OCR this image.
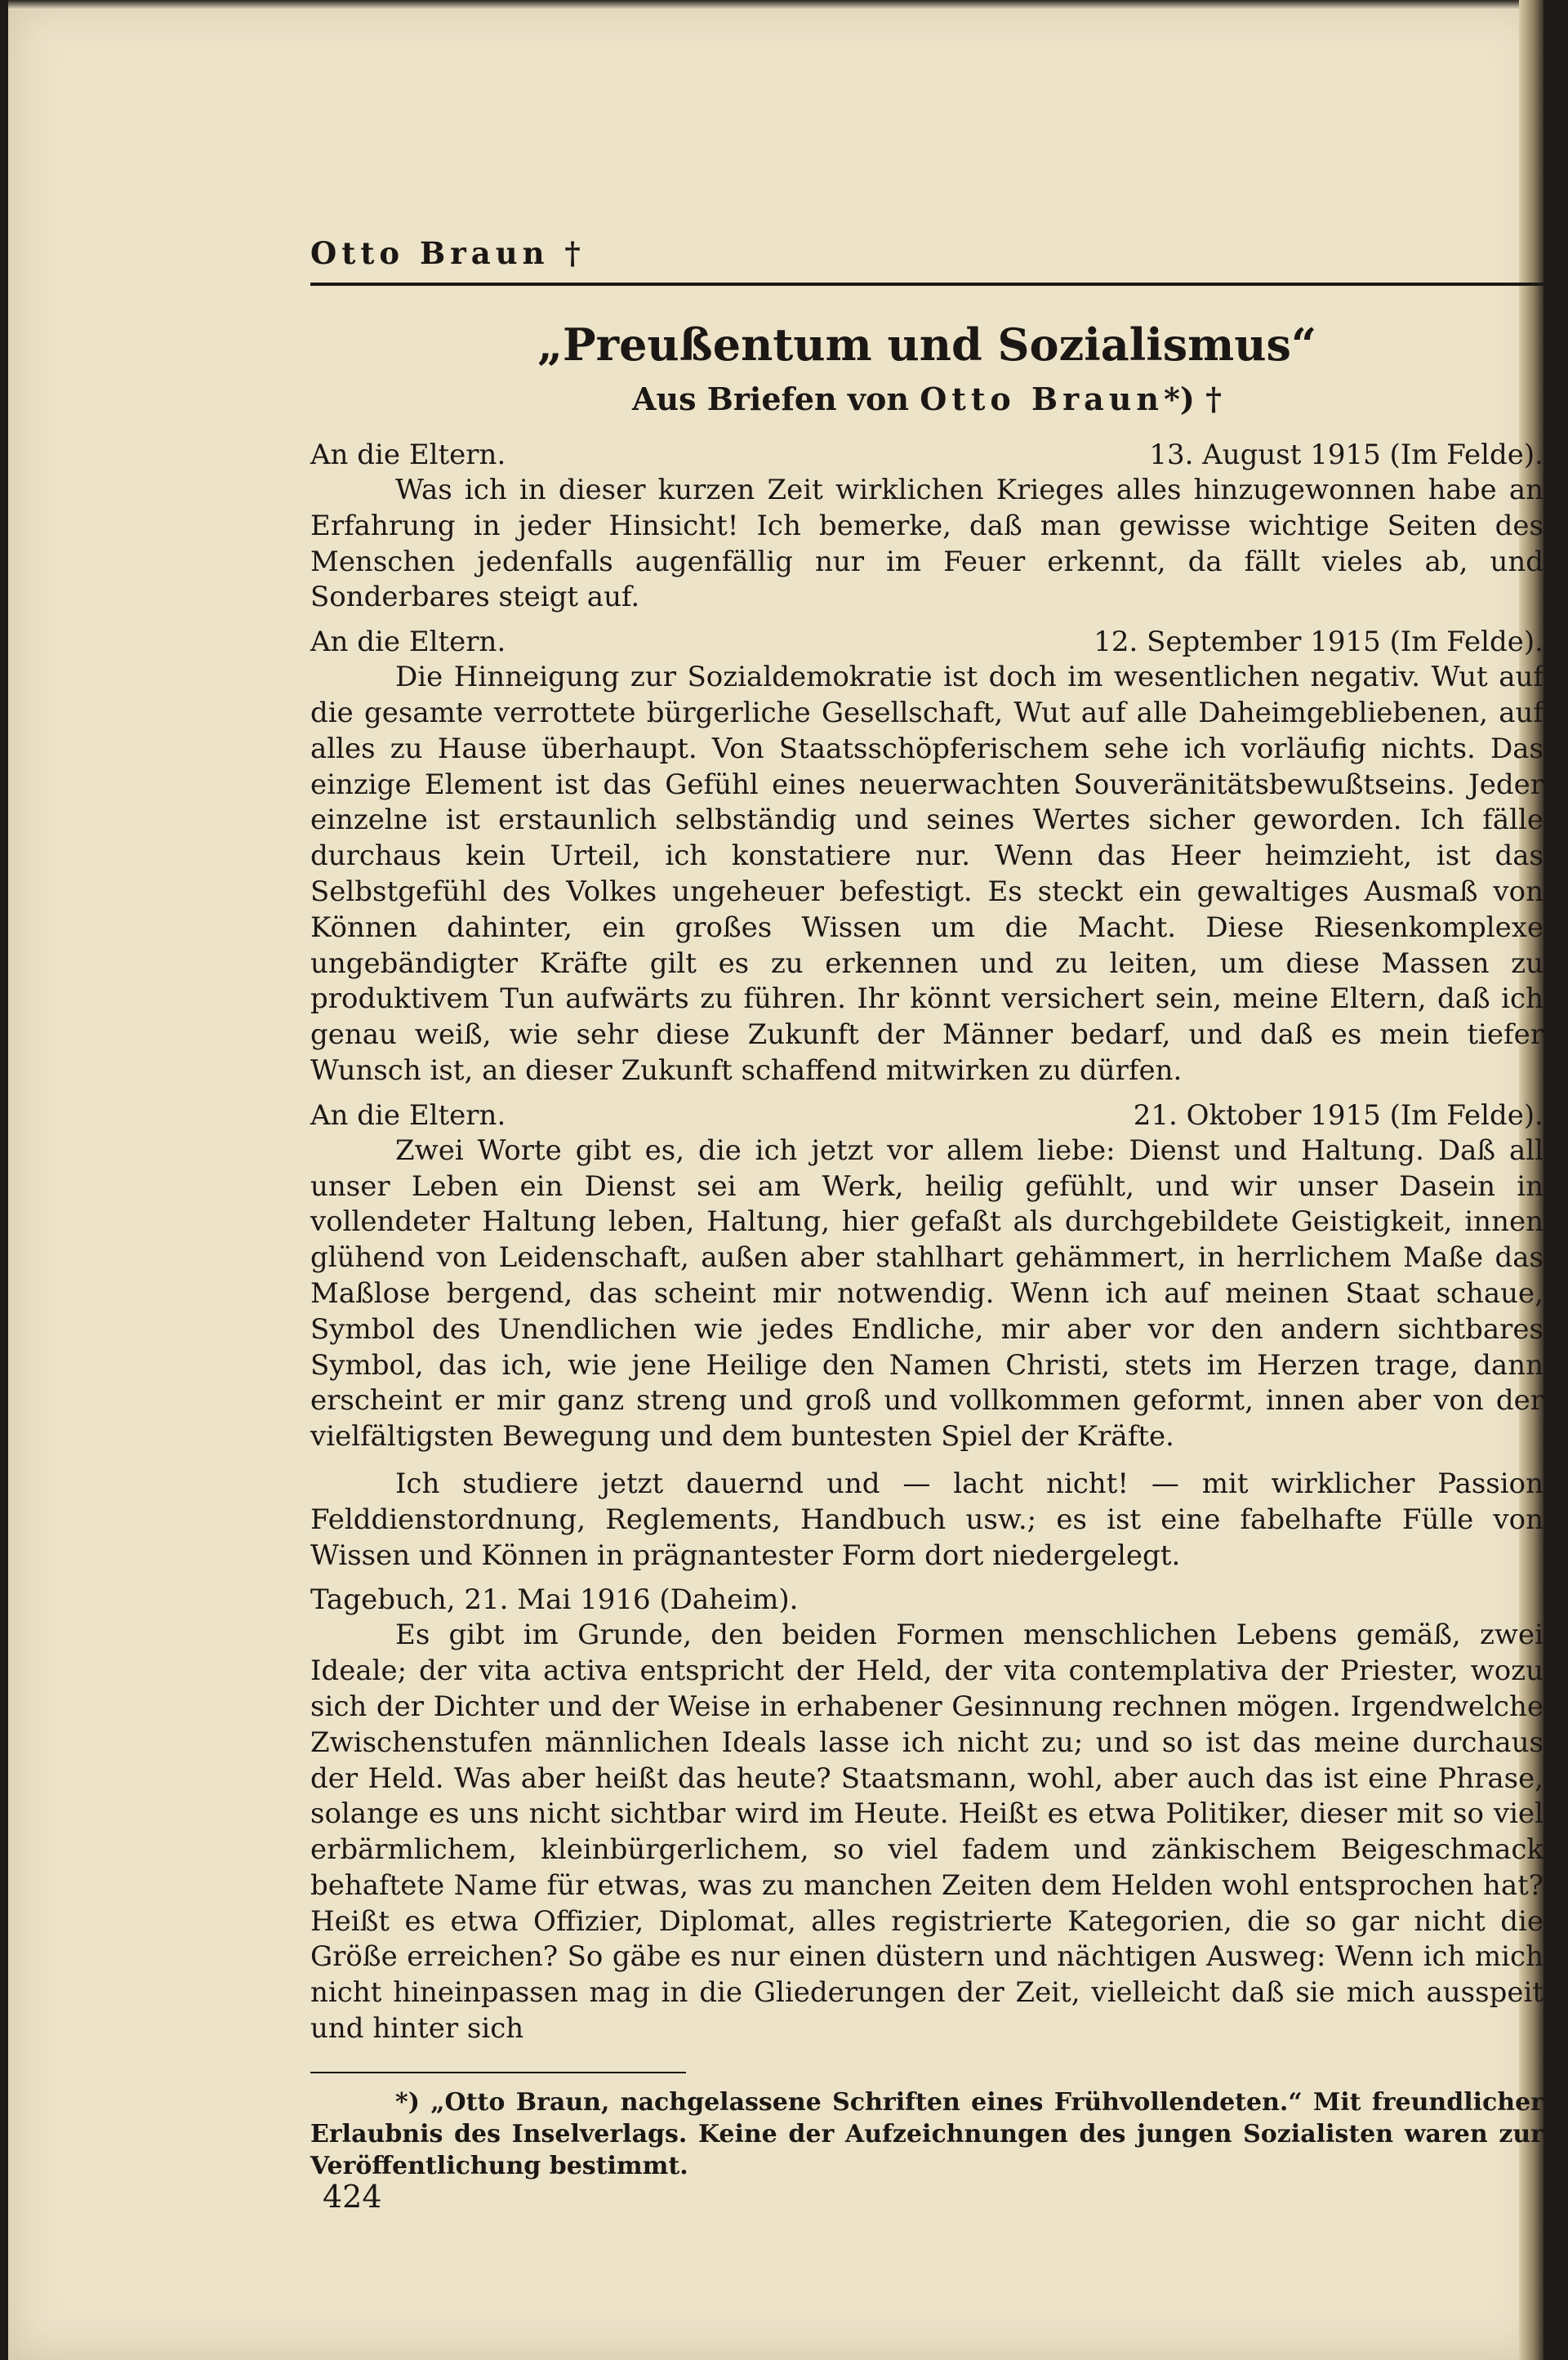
Otto Braun †
„Preußentum und Sozialismus“
Aus Briefen von Otto Braun*) †
An die Eltern.	13. August 1915 (Im Felde).

Was ich in dieser kurzen Zeit wirklichen Krieges alles hinzugewonnen habe an Erfahrung in jeder Hinsicht! Ich bemerke, daß man gewisse wichtige Seiten des Menschen jedenfalls augenfällig nur im Feuer erkennt, da fällt vieles ab, und Sonderbares steigt auf.

An die Eltern.	12. September 1915 (Im Felde).

Die Hinneigung zur Sozialdemokratie ist doch im wesentlichen negativ. Wut auf die gesamte verrottete bürgerliche Gesellschaft, Wut auf alle Daheimgebliebenen, auf alles zu Hause überhaupt. Von Staatsschöpferischem sehe ich vorläufig nichts. Das einzige Element ist das Gefühl eines neuerwachten Souveränitätsbewußtseins. Jeder einzelne ist erstaunlich selbständig und seines Wertes sicher geworden. Ich fälle durchaus kein Urteil, ich konstatiere nur. Wenn das Heer heimzieht, ist das Selbstgefühl des Volkes ungeheuer befestigt. Es steckt ein gewaltiges Ausmaß von Können dahinter, ein großes Wissen um die Macht. Diese Riesenkomplexe ungebändigter Kräfte gilt es zu erkennen und zu leiten, um diese Massen zu produktivem Tun aufwärts zu führen. Ihr könnt versichert sein, meine Eltern, daß ich genau weiß, wie sehr diese Zukunft der Männer bedarf, und daß es mein tiefer Wunsch ist, an dieser Zukunft schaffend mitwirken zu dürfen.

An die Eltern.	21. Oktober 1915 (Im Felde).

Zwei Worte gibt es, die ich jetzt vor allem liebe: Dienst und Haltung. Daß all unser Leben ein Dienst sei am Werk, heilig gefühlt, und wir unser Dasein in vollendeter Haltung leben, Haltung, hier gefaßt als durchgebildete Geistigkeit, innen glühend von Leidenschaft, außen aber stahlhart gehämmert, in herrlichem Maße das Maßlose bergend, das scheint mir notwendig. Wenn ich auf meinen Staat schaue, Symbol des Unendlichen wie jedes Endliche, mir aber vor den andern sichtbares Symbol, das ich, wie jene Heilige den Namen Christi, stets im Herzen trage, dann erscheint er mir ganz streng und groß und vollkommen geformt, innen aber von der vielfältigsten Bewegung und dem buntesten Spiel der Kräfte.

Ich studiere jetzt dauernd und — lacht nicht! — mit wirklicher Passion Felddienstordnung, Reglements, Handbuch usw.; es ist eine fabelhafte Fülle von Wissen und Können in prägnantester Form dort niedergelegt.

Tagebuch, 21. Mai 1916 (Daheim).

Es gibt im Grunde, den beiden Formen menschlichen Lebens gemäß, zwei Ideale; der vita activa entspricht der Held, der vita contemplativa der Priester, wozu sich der Dichter und der Weise in erhabener Gesinnung rechnen mögen. Irgendwelche Zwischenstufen männlichen Ideals lasse ich nicht zu; und so ist das meine durchaus der Held. Was aber heißt das heute? Staatsmann, wohl, aber auch das ist eine Phrase, solange es uns nicht sichtbar wird im Heute. Heißt es etwa Politiker, dieser mit so viel erbärmlichem, kleinbürgerlichem, so viel fadem und zänkischem Beigeschmack behaftete Name für etwas, was zu manchen Zeiten dem Helden wohl entsprochen hat? Heißt es etwa Offizier, Diplomat, alles registrierte Kategorien, die so gar nicht die Größe erreichen? So gäbe es nur einen düstern und nächtigen Ausweg: Wenn ich mich nicht hineinpassen mag in die Gliederungen der Zeit, vielleicht daß sie mich ausspeit und hinter sich

*) „Otto Braun, nachgelassene Schriften eines Frühvollendeten.“ Mit freundlicher Erlaubnis des Inselverlags. Keine der Aufzeichnungen des jungen Sozialisten waren zur Veröffentlichung bestimmt.

424
